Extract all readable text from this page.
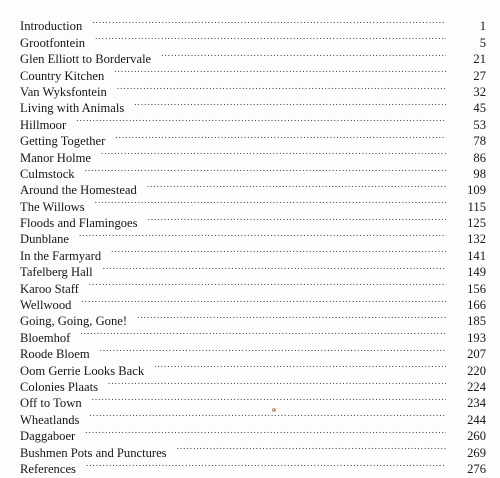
Introduction . . .	1
Grootfontein . . .	5
Glen Elliott to Bordervale . . .	21
Country Kitchen . . .	27
Van Wyksfontein . . .	32
Living with Animals . . .	45
Hillmoor . . .	53
Getting Together . . .	78
Manor Holme . . .	86
Culmstock . . .	98
Around the Homestead . . .	109
The Willows . . .	115
Floods and Flamingoes . . .	125
Dunblane . . .	132
In the Farmyard . . .	141
Tafelberg Hall . . .	149
Karoo Staff . . .	156
Wellwood . . .	166
Going, Going, Gone! . . .	185
Bloemhof . . .	193
Roode Bloem . . .	207
Oom Gerrie Looks Back . . .	220
Colonies Plaats . . .	224
Off to Town . . .	234
Wheatlands . . .	244
Daggaboer . . .	260
Bushmen Pots and Punctures . . .	269
References . . .	276
